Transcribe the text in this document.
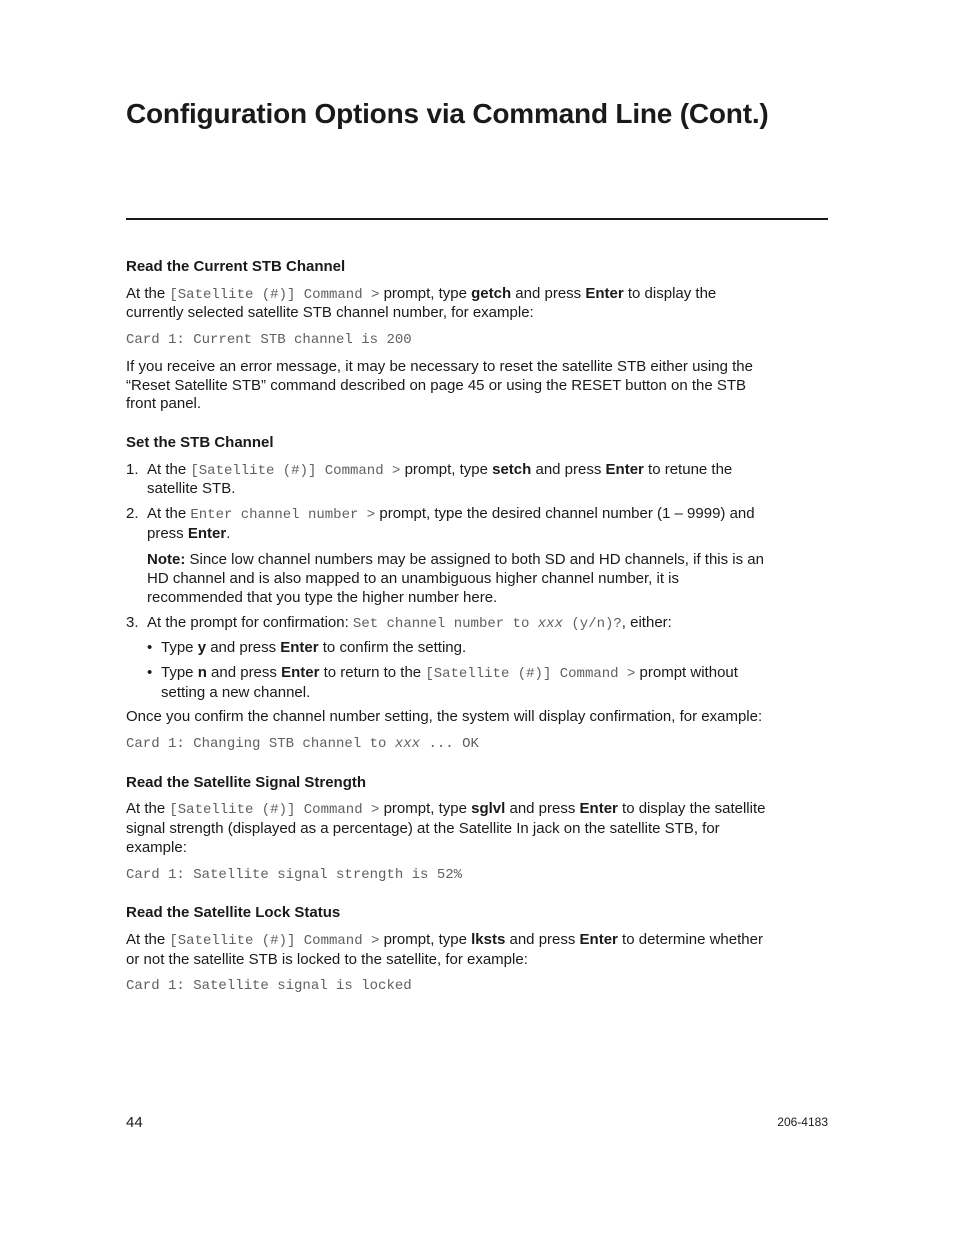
Configuration Options via Command Line (Cont.)
Read the Current STB Channel

At the [Satellite (#)] Command > prompt, type getch and press Enter to display the currently selected satellite STB channel number, for example:

Card 1: Current STB channel is 200

If you receive an error message, it may be necessary to reset the satellite STB either using the “Reset Satellite STB” command described on page 45 or using the RESET button on the STB front panel.

Set the STB Channel
1. At the [Satellite (#)] Command > prompt, type setch and press Enter to retune the satellite STB.
2. At the Enter channel number > prompt, type the desired channel number (1 – 9999) and press Enter.

Note: Since low channel numbers may be assigned to both SD and HD channels, if this is an HD channel and is also mapped to an unambiguous higher channel number, it is recommended that you type the higher number here.

3. At the prompt for confirmation: Set channel number to xxx (y/n)?, either:
• Type y and press Enter to confirm the setting.
• Type n and press Enter to return to the [Satellite (#)] Command > prompt without setting a new channel.

Once you confirm the channel number setting, the system will display confirmation, for example:

Card 1: Changing STB channel to xxx ... OK
Read the Satellite Signal Strength

At the [Satellite (#)] Command > prompt, type sglvl and press Enter to display the satellite signal strength (displayed as a percentage) at the Satellite In jack on the satellite STB, for example:

Card 1: Satellite signal strength is 52%
Read the Satellite Lock Status

At the [Satellite (#)] Command > prompt, type lksts and press Enter to determine whether or not the satellite STB is locked to the satellite, for example:

Card 1: Satellite signal is locked
44	206-4183
